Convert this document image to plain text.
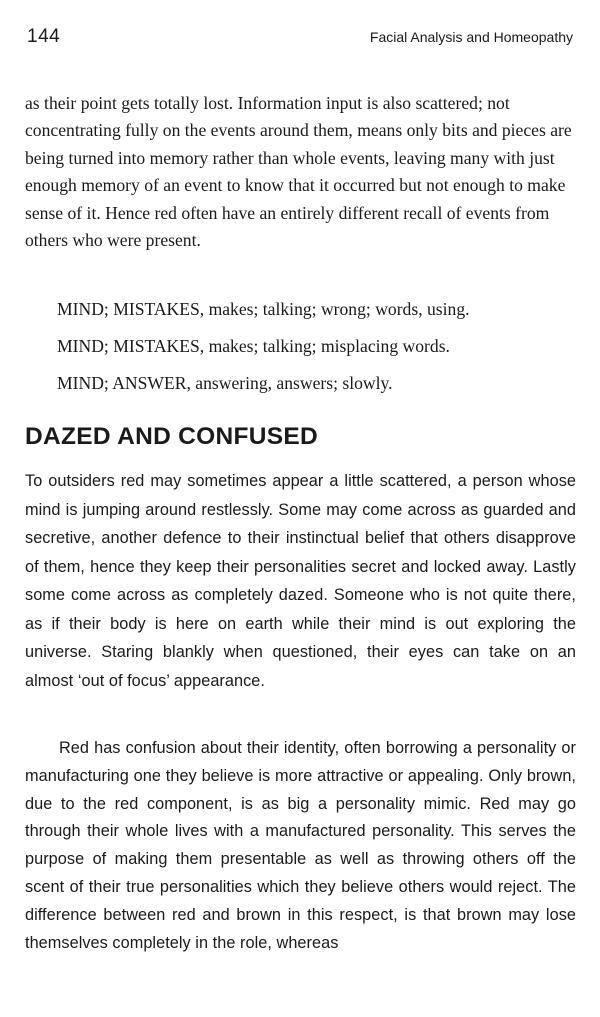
144	Facial Analysis and Homeopathy

as their point gets totally lost. Information input is also scattered; not concentrating fully on the events around them, means only bits and pieces are being turned into memory rather than whole events, leaving many with just enough memory of an event to know that it occurred but not enough to make sense of it. Hence red often have an entirely different recall of events from others who were present.

MIND; MISTAKES, makes; talking; wrong; words, using.

MIND; MISTAKES, makes; talking; misplacing words.

MIND; ANSWER, answering, answers; slowly.

DAZED AND CONFUSED

To outsiders red may sometimes appear a little scattered, a person whose mind is jumping around restlessly. Some may come across as guarded and secretive, another defence to their instinctual belief that others disapprove of them, hence they keep their personalities secret and locked away. Lastly some come across as completely dazed. Someone who is not quite there, as if their body is here on earth while their mind is out exploring the universe. Staring blankly when questioned, their eyes can take on an almost ‘out of focus’ appearance.

Red has confusion about their identity, often borrowing a personality or manufacturing one they believe is more attractive or appealing. Only brown, due to the red component, is as big a personality mimic. Red may go through their whole lives with a manufactured personality. This serves the purpose of making them presentable as well as throwing others off the scent of their true personalities which they believe others would reject. The difference between red and brown in this respect, is that brown may lose themselves completely in the role, whereas
